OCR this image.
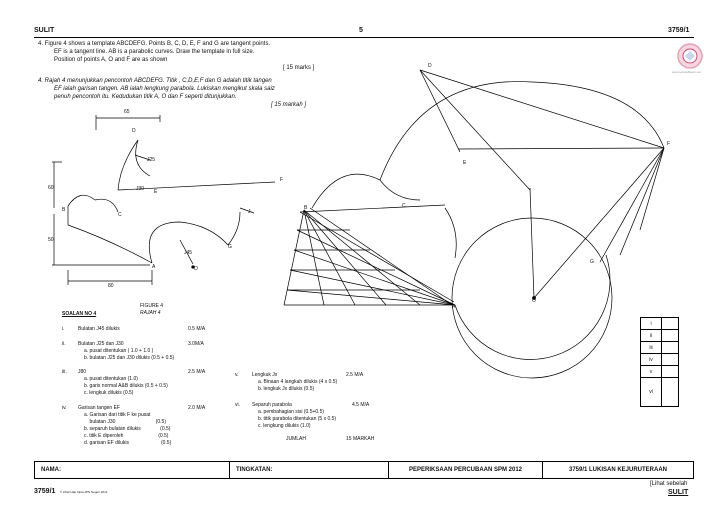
SULIT	5	3759/1
www.sekolahkami.net
4. Figure 4 shows a template ABCDEFG. Points B, C, D, E, F and G are tangent points.
EF is a tangent line. AB is a parabolic curves. Draw the template in full size.
Position of points A, O and F are as shown
[ 15 marks ]
4. Rajah 4 menunjukkan pencontoh ABCDEFG. Titik , C,D,E,F dan G adalah titik tangen
EF ialah garisan tangen. AB ialah lengkung parabola. Lukiskan mengikut skala saiz
penuh pencontoh itu. Kedudukan titik A, O dan F seperti ditunjukkan.
[ 15 markah ]
65
60
50
80
J45
J30
J25
J
A
B
C
D
E
F
G
O
FIGURE 4
RAJAH 4
A
B	C
D
E
F
G
O
SOALAN NO 4
i.	Bulatan J45 dilukis	0.5 M/A
ii. Bulatan J25 dan J30	3.0M/A
a. pusat ditentukan ( 1.0 + 1.0 )
b. bulatan J25 dan J30 dilukis (0.5 + 0.5)
iii. J80	2.5 M/A
a. pusat ditentukan (1.0)
b. garis normal A&B dilukis (0.5 + 0.5)
c. lengkuk dilukis (0.5)
iv. Garisan tangen EF	2.0 M/A
a. Garisan dari titik F ke pusat
bulatan J30                             (0.5)
b. separuh bulatan dilukis              (0.5)
c. titik E diperoleh                         (0.5)
d. garisan EF dilukis                       (0.5)
v.	Lengkuk Jx	2.5 M/A
a. Binaan 4 langkah dilukis (4 x 0.5)
b. lengkuk Jx dilukis (0.5)
vi. Separuh parabola	4.5 M/A
a. pembahagian sisi (0.5+0.5)
b. titik parabola ditentukan (5 x 0.5)
c. lengkung dilukis (1.0)
JUMLAH	15 MARKAH
i
ii
iii
iv
v
vi
NAMA:	TINGKATAN:	PEPERIKSAAN PERCUBAAN SPM 2012	3759/1 LUKISAN KEJURUTERAAN
[Lihat sebelah
SULIT
3759/1 © 2012 Hak Cipta JPN Negeri 2012
